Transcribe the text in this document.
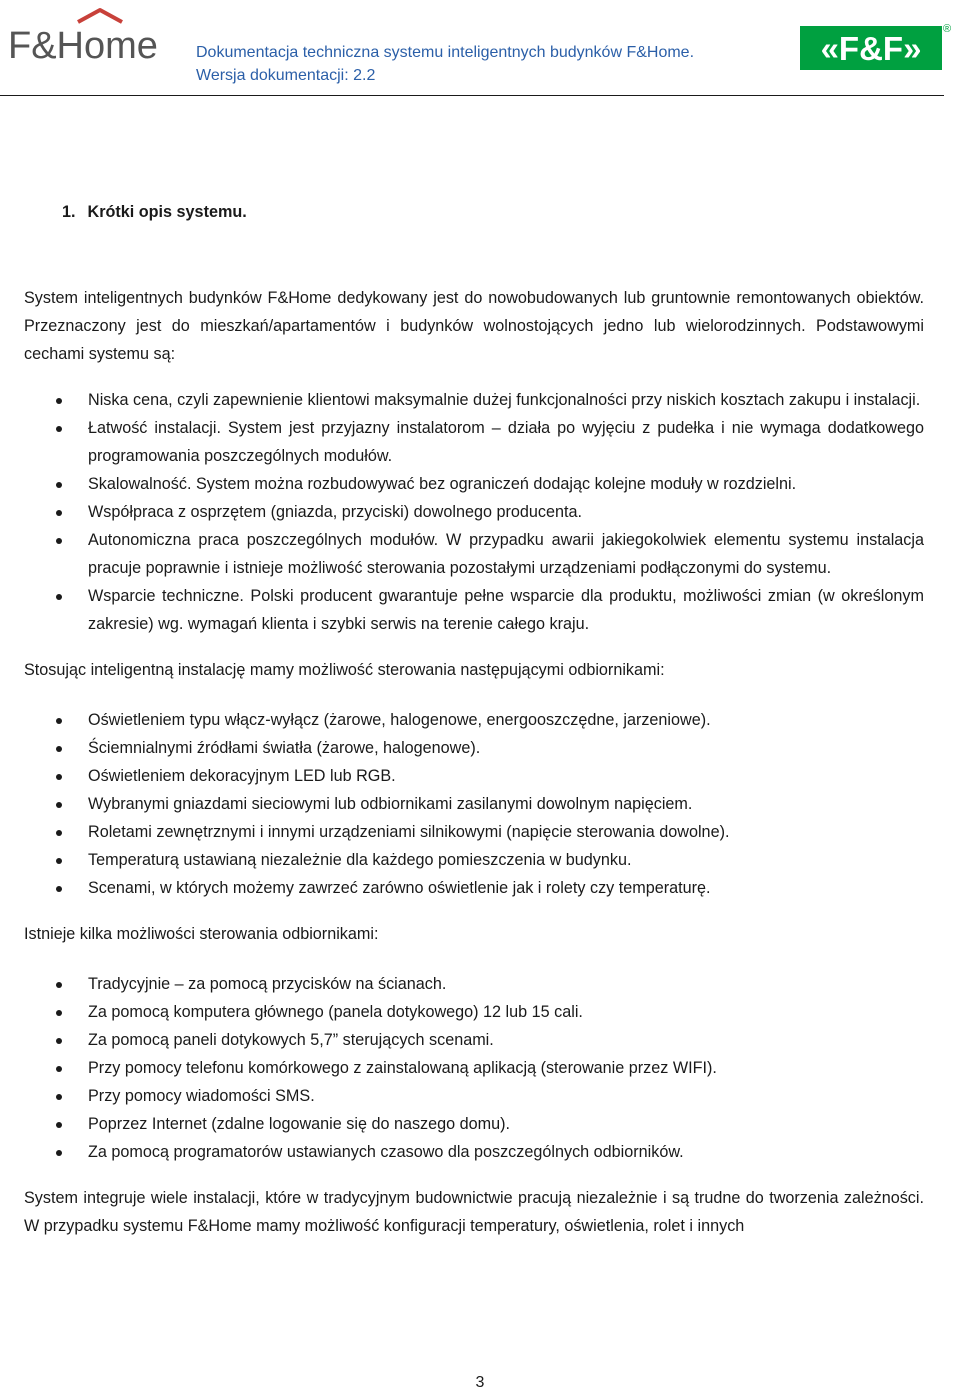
F&Home Dokumentacja techniczna systemu inteligentnych budynków F&Home.
Wersja dokumentacji: 2.2
«F&F»
®
1. Krótki opis systemu.

System inteligentnych budynków F&Home dedykowany jest do nowobudowanych lub gruntownie remontowanych obiektów. Przeznaczony jest do mieszkań/apartamentów i budynków wolnostojących jedno lub wielorodzinnych. Podstawowymi cechami systemu są:

Niska cena, czyli zapewnienie klientowi maksymalnie dużej funkcjonalności przy niskich kosztach zakupu i instalacji.
Łatwość instalacji. System jest przyjazny instalatorom – działa po wyjęciu z pudełka i nie wymaga dodatkowego programowania poszczególnych modułów.
Skalowalność. System można rozbudowywać bez ograniczeń dodając kolejne moduły w rozdzielni.
Współpraca z osprzętem (gniazda, przyciski) dowolnego producenta.
Autonomiczna praca poszczególnych modułów. W przypadku awarii jakiegokolwiek elementu systemu instalacja pracuje poprawnie i istnieje możliwość sterowania pozostałymi urządzeniami podłączonymi do systemu.
Wsparcie techniczne. Polski producent gwarantuje pełne wsparcie dla produktu, możliwości zmian (w określonym zakresie) wg. wymagań klienta i szybki serwis na terenie całego kraju.

Stosując inteligentną instalację mamy możliwość sterowania następującymi odbiornikami:

Oświetleniem typu włącz-wyłącz (żarowe, halogenowe, energooszczędne, jarzeniowe).
Ściemnialnymi źródłami światła (żarowe, halogenowe).
Oświetleniem dekoracyjnym LED lub RGB.
Wybranymi gniazdami sieciowymi lub odbiornikami zasilanymi dowolnym napięciem.
Roletami zewnętrznymi i innymi urządzeniami silnikowymi (napięcie sterowania dowolne).
Temperaturą ustawianą niezależnie dla każdego pomieszczenia w budynku.
Scenami, w których możemy zawrzeć zarówno oświetlenie jak i rolety czy temperaturę.

Istnieje kilka możliwości sterowania odbiornikami:

Tradycyjnie – za pomocą przycisków na ścianach.
Za pomocą komputera głównego (panela dotykowego) 12 lub 15 cali.
Za pomocą paneli dotykowych 5,7” sterujących scenami.
Przy pomocy telefonu komórkowego z zainstalowaną aplikacją (sterowanie przez WIFI).
Przy pomocy wiadomości SMS.
Poprzez Internet (zdalne logowanie się do naszego domu).
Za pomocą programatorów ustawianych czasowo dla poszczególnych odbiorników.

System integruje wiele instalacji, które w tradycyjnym budownictwie pracują niezależnie i są trudne do tworzenia zależności. W przypadku systemu F&Home mamy możliwość konfiguracji temperatury, oświetlenia, rolet i innych

3
